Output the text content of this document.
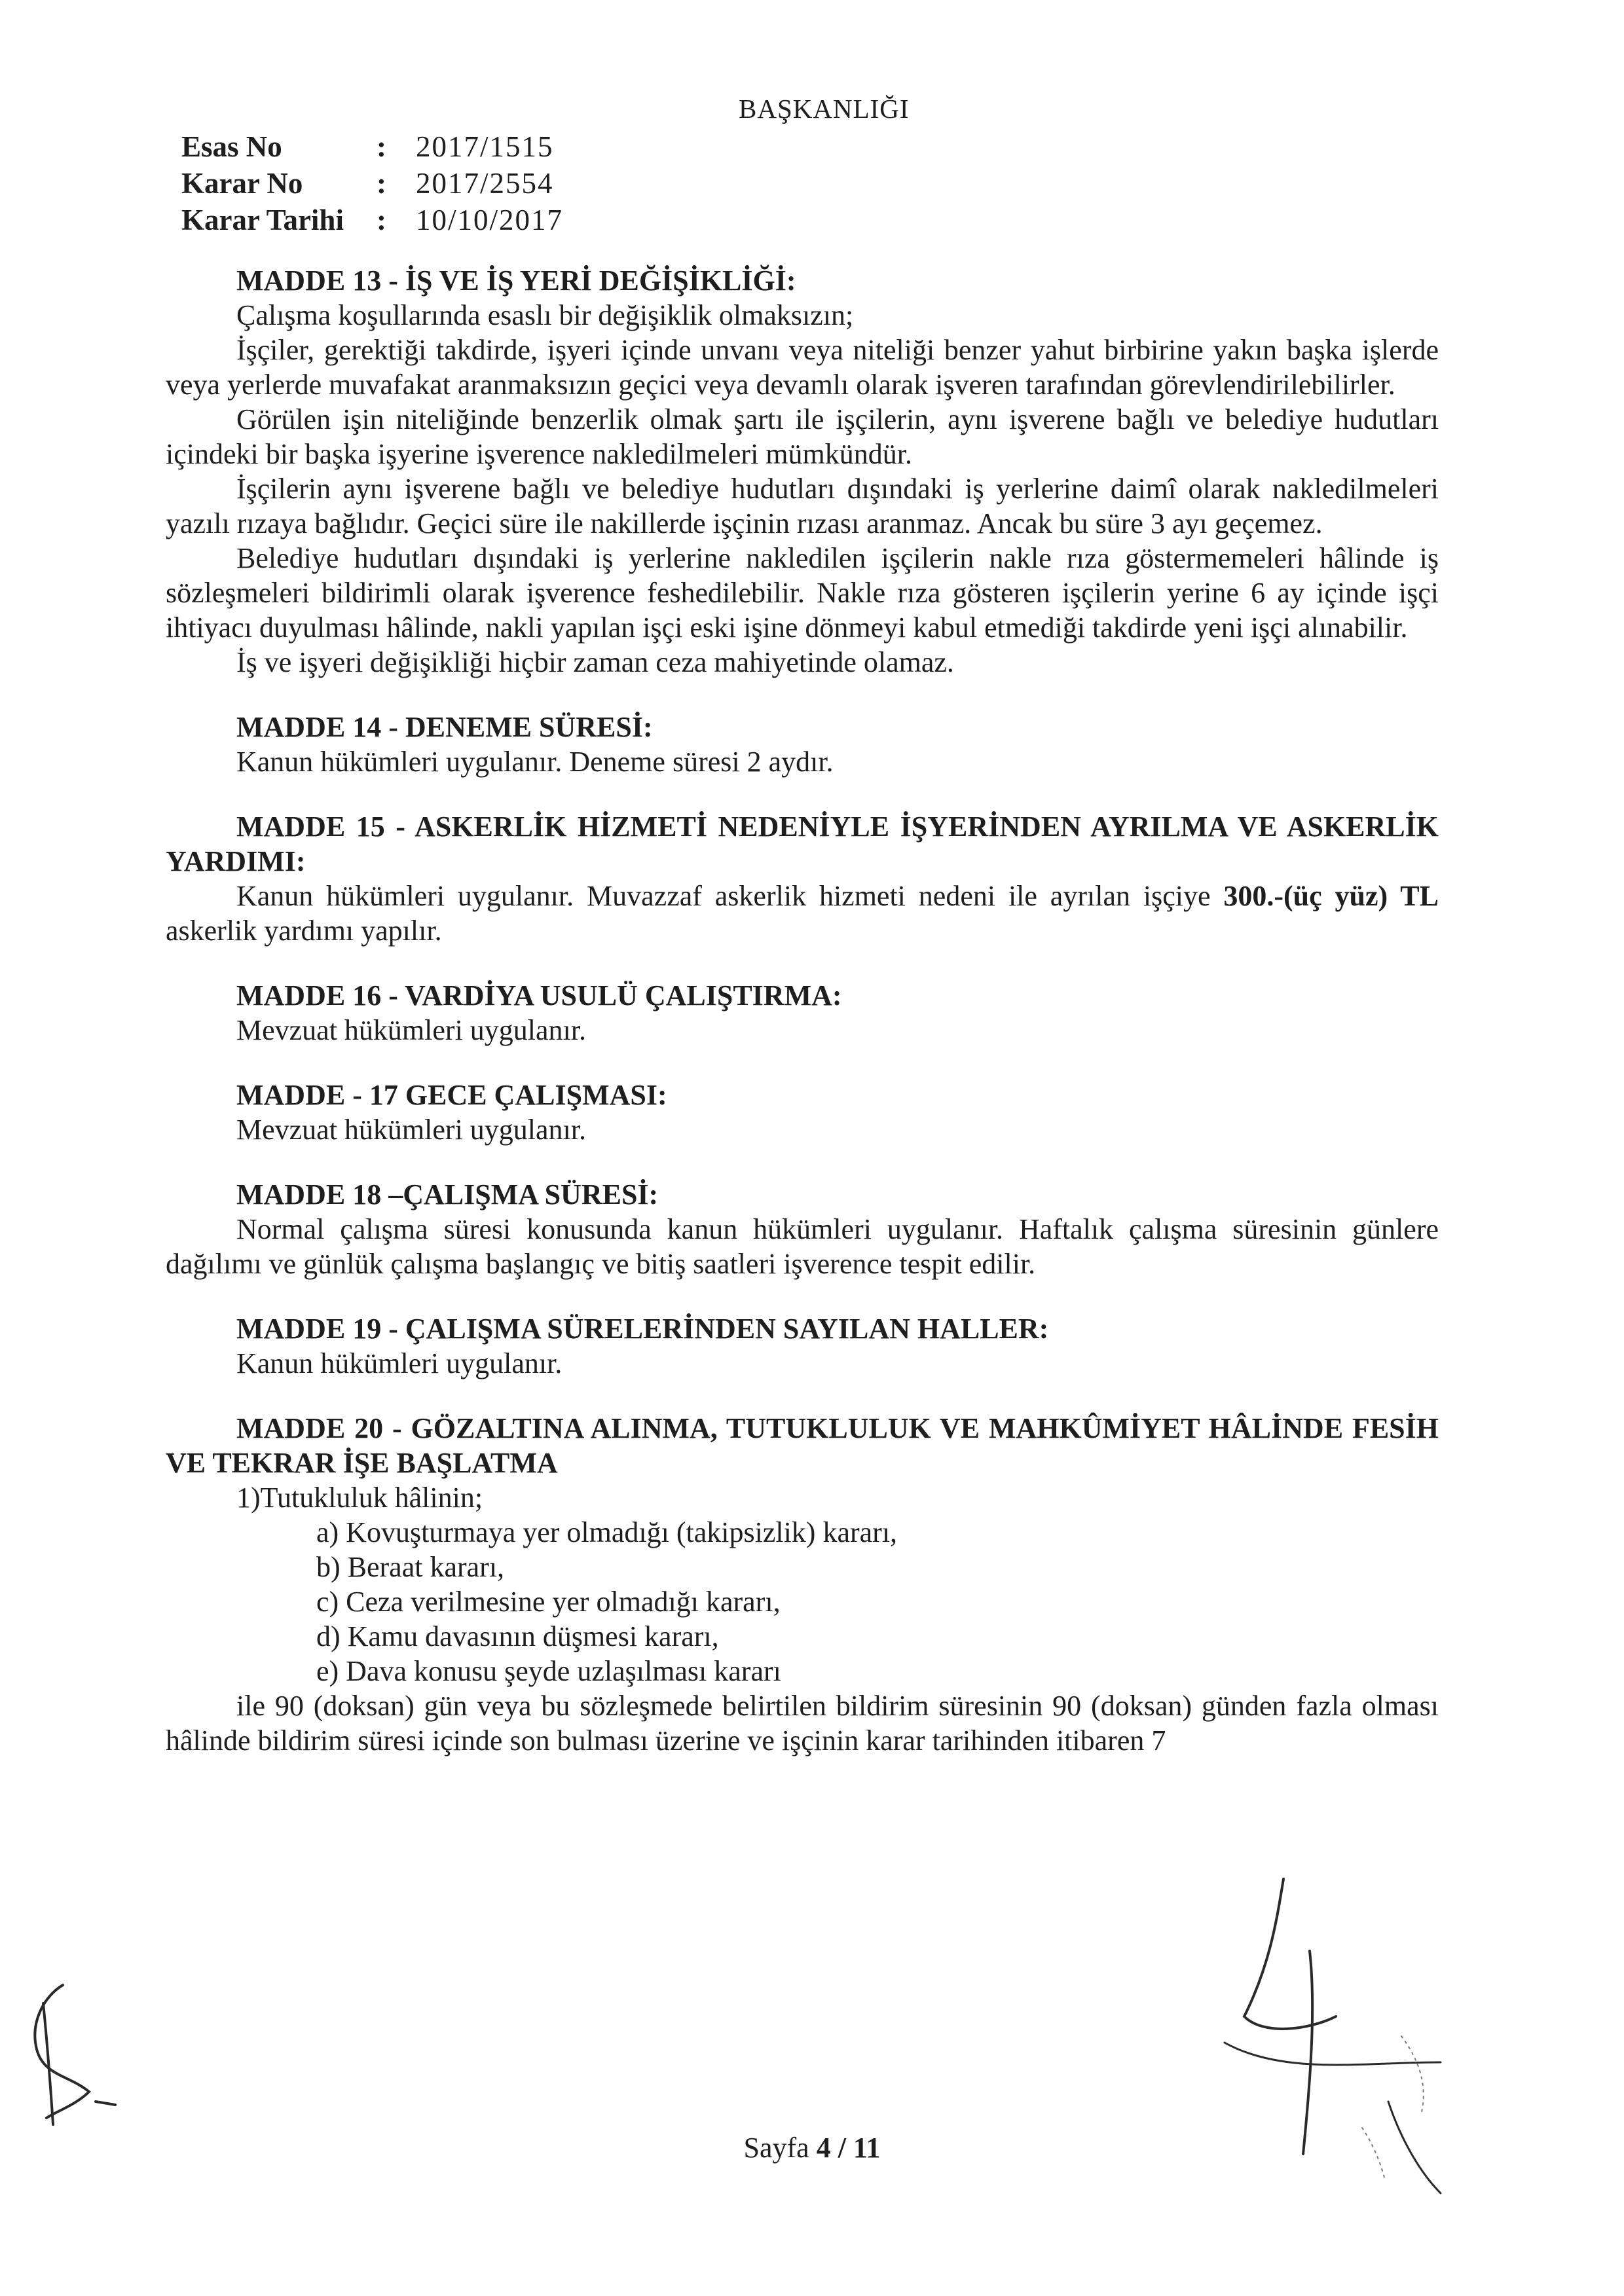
BAŞKANLIĞI
Esas No	:	2017/1515
Karar No	:	2017/2554
Karar Tarihi	:	10/10/2017
MADDE 13 - İŞ VE İŞ YERİ DEĞİŞİKLİĞİ:

Çalışma koşullarında esaslı bir değişiklik olmaksızın;

İşçiler, gerektiği takdirde, işyeri içinde unvanı veya niteliği benzer yahut birbirine yakın başka işlerde veya yerlerde muvafakat aranmaksızın geçici veya devamlı olarak işveren tarafından görevlendirilebilirler.

Görülen işin niteliğinde benzerlik olmak şartı ile işçilerin, aynı işverene bağlı ve belediye hudutları içindeki bir başka işyerine işverence nakledilmeleri mümkündür.

İşçilerin aynı işverene bağlı ve belediye hudutları dışındaki iş yerlerine daimî olarak nakledilmeleri yazılı rızaya bağlıdır. Geçici süre ile nakillerde işçinin rızası aranmaz. Ancak bu süre 3 ayı geçemez.

Belediye hudutları dışındaki iş yerlerine nakledilen işçilerin nakle rıza göstermemeleri hâlinde iş sözleşmeleri bildirimli olarak işverence feshedilebilir. Nakle rıza gösteren işçilerin yerine 6 ay içinde işçi ihtiyacı duyulması hâlinde, nakli yapılan işçi eski işine dönmeyi kabul etmediği takdirde yeni işçi alınabilir.

İş ve işyeri değişikliği hiçbir zaman ceza mahiyetinde olamaz.

MADDE 14 - DENEME SÜRESİ:

Kanun hükümleri uygulanır. Deneme süresi 2 aydır.

MADDE 15 - ASKERLİK HİZMETİ NEDENİYLE İŞYERİNDEN AYRILMA VE ASKERLİK YARDIMI:

Kanun hükümleri uygulanır. Muvazzaf askerlik hizmeti nedeni ile ayrılan işçiye 300.-(üç yüz) TL askerlik yardımı yapılır.

MADDE 16 - VARDİYA USULÜ ÇALIŞTIRMA:

Mevzuat hükümleri uygulanır.

MADDE - 17 GECE ÇALIŞMASI:

Mevzuat hükümleri uygulanır.

MADDE 18 –ÇALIŞMA SÜRESİ:

Normal çalışma süresi konusunda kanun hükümleri uygulanır. Haftalık çalışma süresinin günlere dağılımı ve günlük çalışma başlangıç ve bitiş saatleri işverence tespit edilir.

MADDE 19 - ÇALIŞMA SÜRELERİNDEN SAYILAN HALLER:

Kanun hükümleri uygulanır.

MADDE 20 - GÖZALTINA ALINMA, TUTUKLULUK VE MAHKÛMİYET HÂLİNDE FESİH VE TEKRAR İŞE BAŞLATMA

1)Tutukluluk hâlinin;

a) Kovuşturmaya yer olmadığı (takipsizlik) kararı,
b) Beraat kararı,
c) Ceza verilmesine yer olmadığı kararı,
d) Kamu davasının düşmesi kararı,
e) Dava konusu şeyde uzlaşılması kararı

ile 90 (doksan) gün veya bu sözleşmede belirtilen bildirim süresinin 90 (doksan) günden fazla olması hâlinde bildirim süresi içinde son bulması üzerine ve işçinin karar tarihinden itibaren 7

Sayfa 4 / 11
